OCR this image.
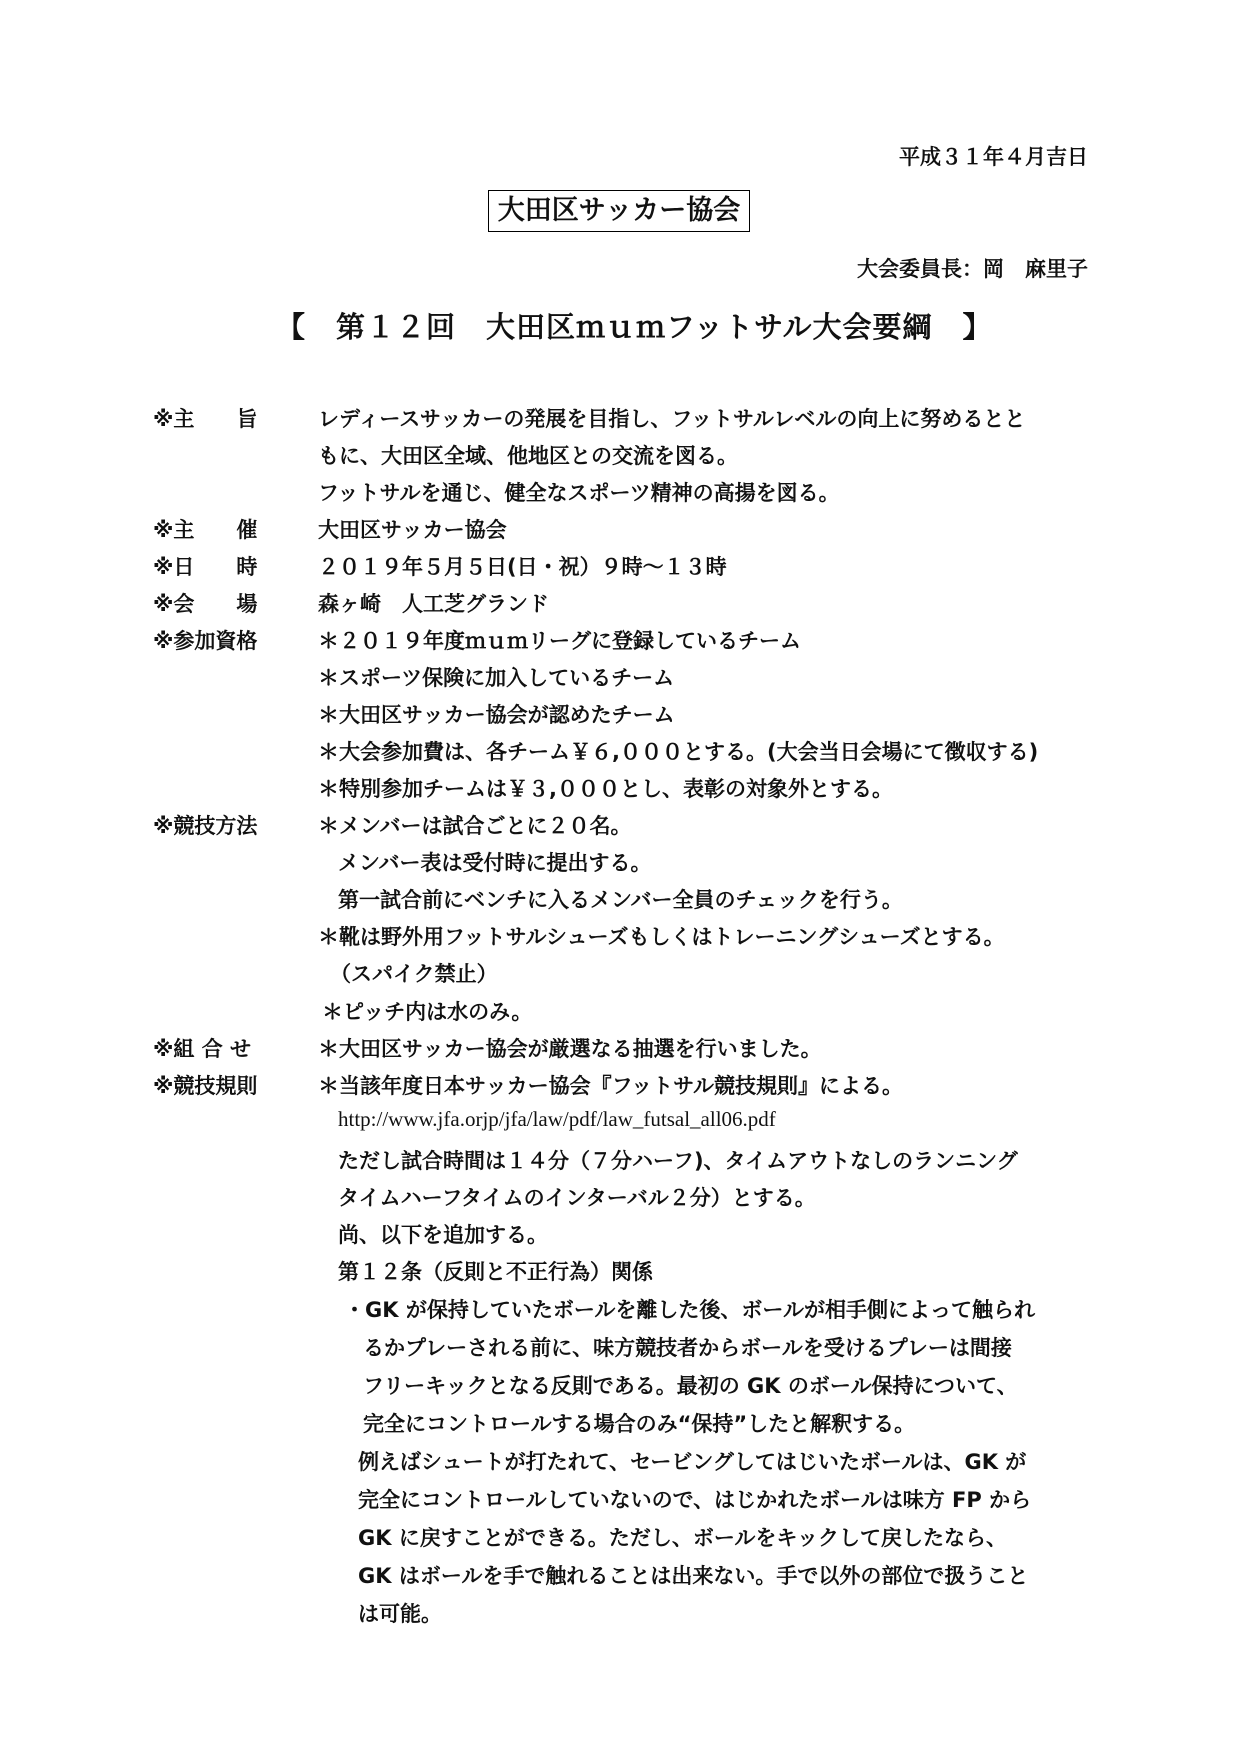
平成３１年４月吉日
大田区サッカー協会
大会委員長：岡　麻里子
【　第１２回　大田区ｍｕｍフットサル大会要綱　】
※主　　旨	レディースサッカーの発展を目指し、フットサルレベルの向上に努めるとと
もに、大田区全域、他地区との交流を図る。
フットサルを通じ、健全なスポーツ精神の高揚を図る。
※主　　催	大田区サッカー協会
※日　　時	２０１９年５月５日(日・祝）９時～１３時
※会　　場	森ヶ崎　人工芝グランド
※参加資格	＊２０１９年度ｍｕｍリーグに登録しているチーム
＊スポーツ保険に加入しているチーム
＊大田区サッカー協会が認めたチーム
＊大会参加費は、各チーム￥６,０００とする。(大会当日会場にて徴収する)
＊特別参加チームは￥３,０００とし、表彰の対象外とする。
※競技方法	＊メンバーは試合ごとに２０名。
メンバー表は受付時に提出する。
第一試合前にベンチに入るメンバー全員のチェックを行う。
＊靴は野外用フットサルシューズもしくはトレーニングシューズとする。
（スパイク禁止）
＊ピッチ内は水のみ。
※組 合 せ	＊大田区サッカー協会が厳選なる抽選を行いました。
※競技規則	＊当該年度日本サッカー協会『フットサル競技規則』による。
http://www.jfa.orjp/jfa/law/pdf/law_futsal_all06.pdf
ただし試合時間は１４分（７分ハーフ)、タイムアウトなしのランニング
タイムハーフタイムのインターバル２分）とする。
尚、以下を追加する。
第１２条（反則と不正行為）関係
・GK が保持していたボールを離した後、ボールが相手側によって触られ
るかプレーされる前に、味方競技者からボールを受けるプレーは間接
フリーキックとなる反則である。最初の GK のボール保持について、
完全にコントロールする場合のみ“保持”したと解釈する。
例えばシュートが打たれて、セービングしてはじいたボールは、GK が
完全にコントロールしていないので、はじかれたボールは味方 FP から
GK に戻すことができる。ただし、ボールをキックして戻したなら、
GK はボールを手で触れることは出来ない。手で以外の部位で扱うこと
は可能。
